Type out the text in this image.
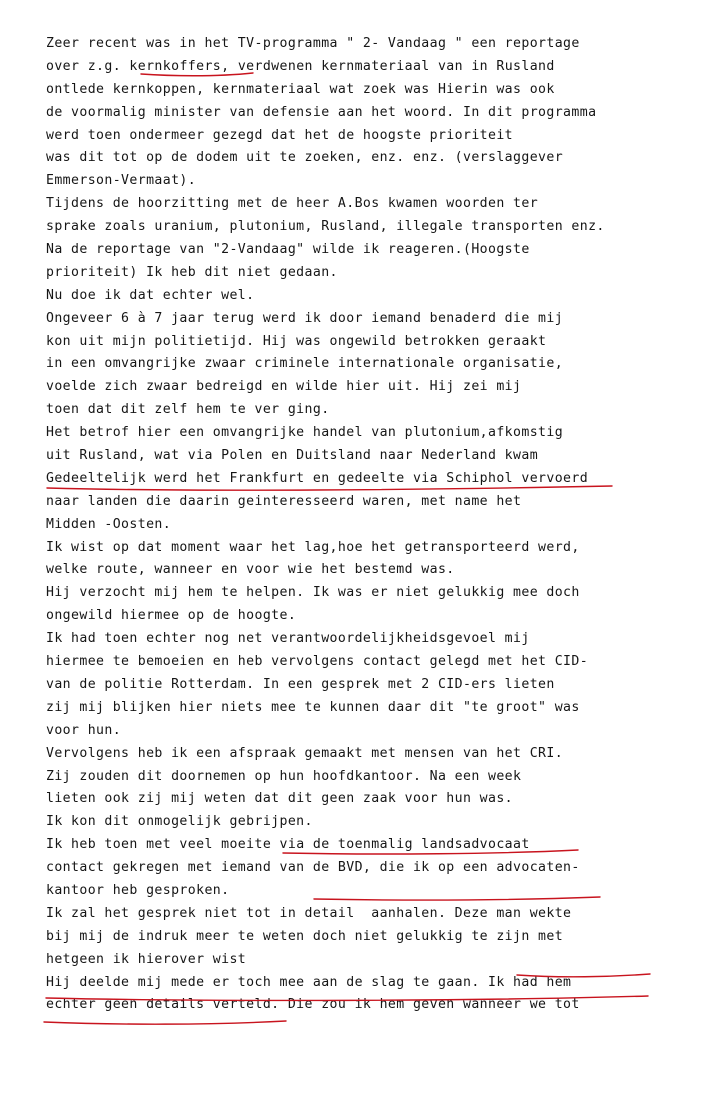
Zeer recent was in het TV-programma " 2- Vandaag " een reportage
over z.g. kernkoffers, verdwenen kernmateriaal van in Rusland
ontlede kernkoppen, kernmateriaal wat zoek was Hierin was ook
de voormalig minister van defensie aan het woord. In dit programma
werd toen ondermeer gezegd dat het de hoogste prioriteit
was dit tot op de dodem uit te zoeken, enz. enz. (verslaggever
Emmerson-Vermaat).
Tijdens de hoorzitting met de heer A.Bos kwamen woorden ter
sprake zoals uranium, plutonium, Rusland, illegale transporten enz.
Na de reportage van "2-Vandaag" wilde ik reageren.(Hoogste
prioriteit) Ik heb dit niet gedaan.
Nu doe ik dat echter wel.
Ongeveer 6 à 7 jaar terug werd ik door iemand benaderd die mij
kon uit mijn politietijd. Hij was ongewild betrokken geraakt
in een omvangrijke zwaar criminele internationale organisatie,
voelde zich zwaar bedreigd en wilde hier uit. Hij zei mij
toen dat dit zelf hem te ver ging.
Het betrof hier een omvangrijke handel van plutonium,afkomstig
uit Rusland, wat via Polen en Duitsland naar Nederland kwam
Gedeeltelijk werd het Frankfurt en gedeelte via Schiphol vervoerd
naar landen die daarin geinteresseerd waren, met name het
Midden -Oosten.
Ik wist op dat moment waar het lag,hoe het getransporteerd werd,
welke route, wanneer en voor wie het bestemd was.
Hij verzocht mij hem te helpen. Ik was er niet gelukkig mee doch
ongewild hiermee op de hoogte.
Ik had toen echter nog net verantwoordelijkheidsgevoel mij
hiermee te bemoeien en heb vervolgens contact gelegd met het CID-
van de politie Rotterdam. In een gesprek met 2 CID-ers lieten
zij mij blijken hier niets mee te kunnen daar dit "te groot" was
voor hun.
Vervolgens heb ik een afspraak gemaakt met mensen van het CRI.
Zij zouden dit doornemen op hun hoofdkantoor. Na een week
lieten ook zij mij weten dat dit geen zaak voor hun was.
Ik kon dit onmogelijk gebrijpen.
Ik heb toen met veel moeite via de toenmalig landsadvocaat
contact gekregen met iemand van de BVD, die ik op een advocaten-
kantoor heb gesproken.
Ik zal het gesprek niet tot in detail  aanhalen. Deze man wekte
bij mij de indruk meer te weten doch niet gelukkig te zijn met
hetgeen ik hierover wist
Hij deelde mij mede er toch mee aan de slag te gaan. Ik had hem
echter geen details verteld. Die zou ik hem geven wanneer we tot
